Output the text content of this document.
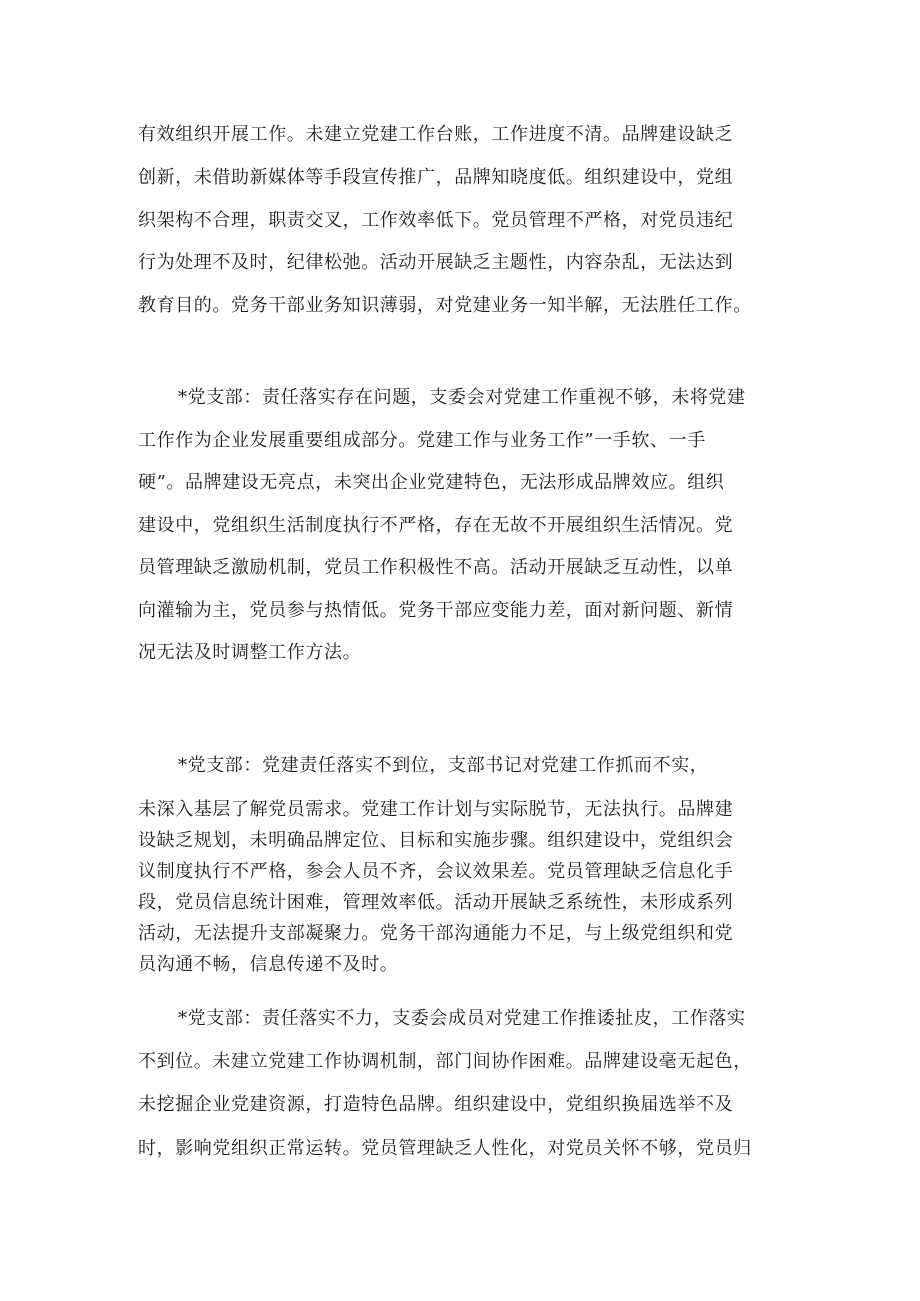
有效组织开展工作。未建立党建工作台账，工作进度不清。品牌建设缺乏
创新，未借助新媒体等手段宣传推广，品牌知晓度低。组织建设中，党组
织架构不合理，职责交叉，工作效率低下。党员管理不严格，对党员违纪
行为处理不及时，纪律松弛。活动开展缺乏主题性，内容杂乱，无法达到
教育目的。党务干部业务知识薄弱，对党建业务一知半解，无法胜任工作。

*党支部：责任落实存在问题，支委会对党建工作重视不够，未将党建
工作作为企业发展重要组成部分。党建工作与业务工作”一手软、一手
硬”。品牌建设无亮点，未突出企业党建特色，无法形成品牌效应。组织
建设中，党组织生活制度执行不严格，存在无故不开展组织生活情况。党
员管理缺乏激励机制，党员工作积极性不高。活动开展缺乏互动性，以单
向灌输为主，党员参与热情低。党务干部应变能力差，面对新问题、新情
况无法及时调整工作方法。

*党支部：党建责任落实不到位，支部书记对党建工作抓而不实，
未深入基层了解党员需求。党建工作计划与实际脱节，无法执行。品牌建
设缺乏规划，未明确品牌定位、目标和实施步骤。组织建设中，党组织会
议制度执行不严格，参会人员不齐，会议效果差。党员管理缺乏信息化手
段，党员信息统计困难，管理效率低。活动开展缺乏系统性，未形成系列
活动，无法提升支部凝聚力。党务干部沟通能力不足，与上级党组织和党
员沟通不畅，信息传递不及时。

*党支部：责任落实不力，支委会成员对党建工作推诿扯皮，工作落实
不到位。未建立党建工作协调机制，部门间协作困难。品牌建设毫无起色，
未挖掘企业党建资源，打造特色品牌。组织建设中，党组织换届选举不及
时，影响党组织正常运转。党员管理缺乏人性化，对党员关怀不够，党员归
